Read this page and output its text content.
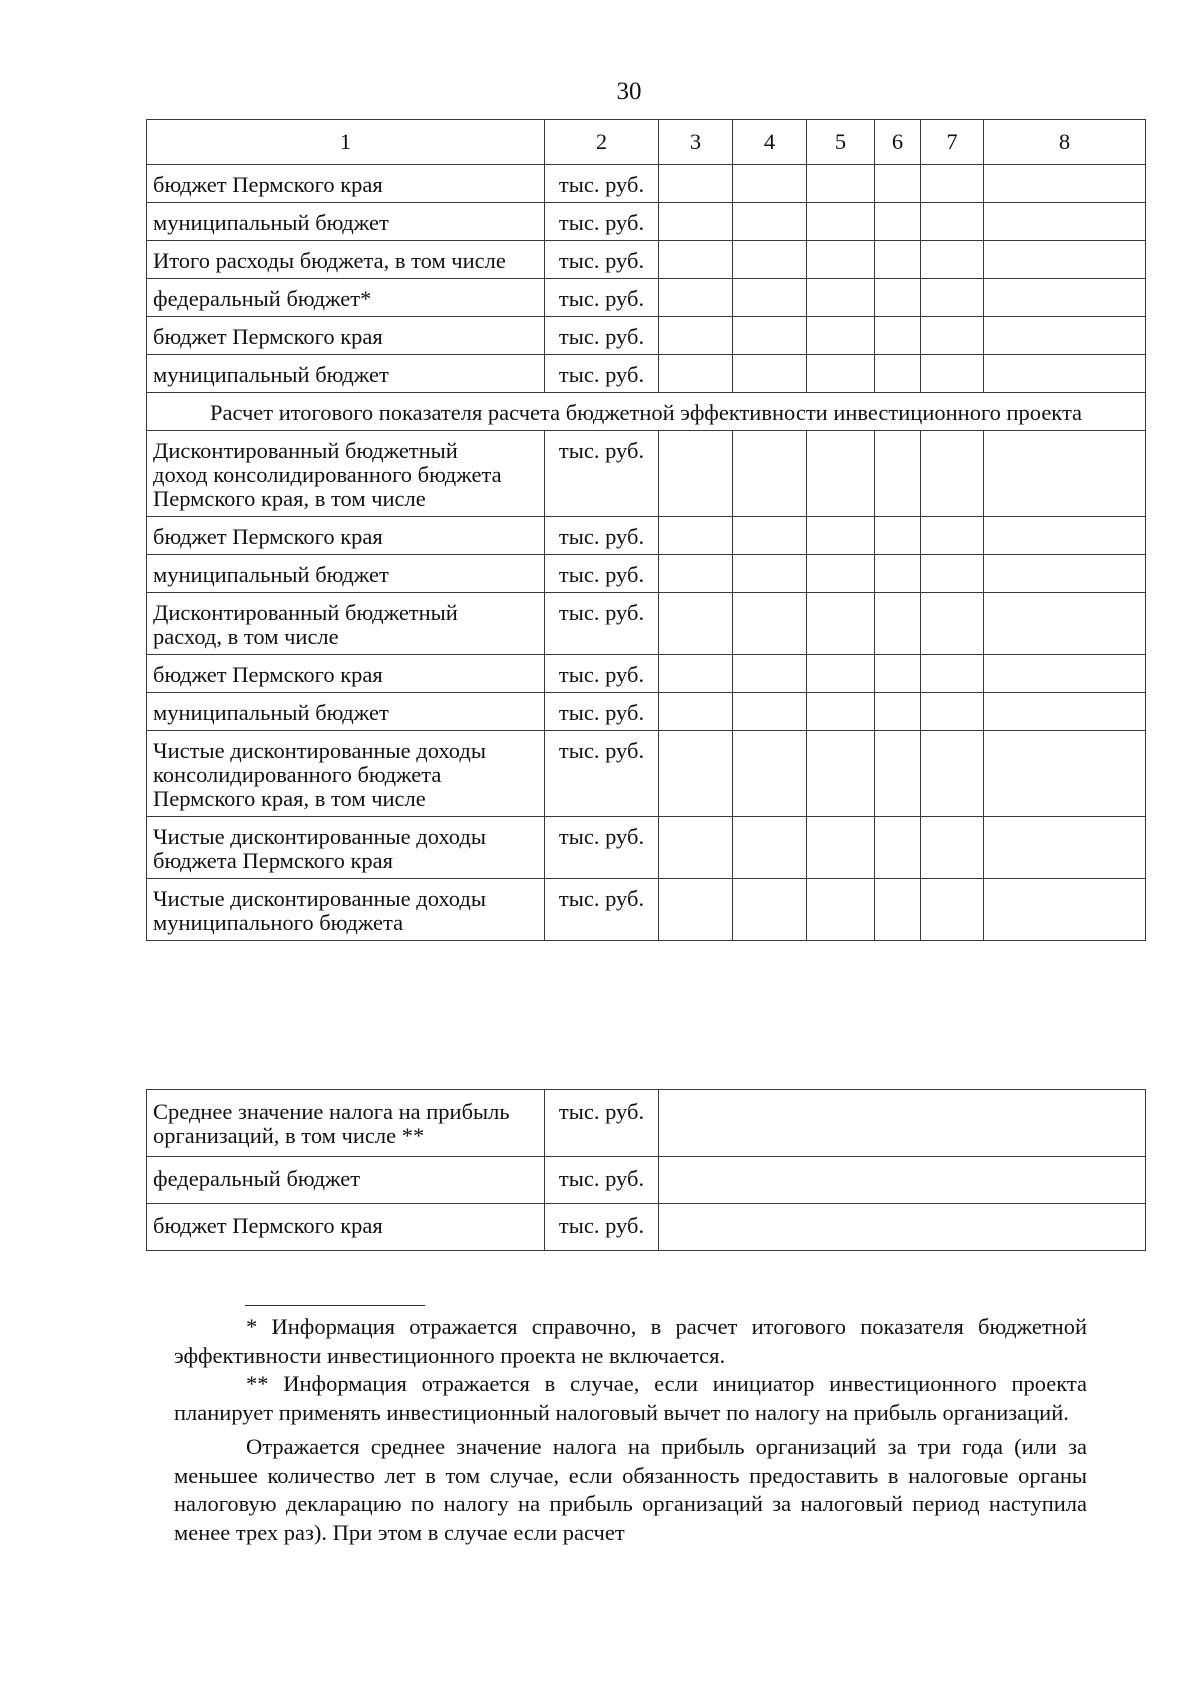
30
1	2	3	4	5	6	7	8
бюджет Пермского края	тыс. руб.						
муниципальный бюджет	тыс. руб.						
Итого расходы бюджета, в том числе	тыс. руб.						
федеральный бюджет*	тыс. руб.						
бюджет Пермского края	тыс. руб.						
муниципальный бюджет	тыс. руб.						
Расчет итогового показателя расчета бюджетной эффективности инвестиционного проекта							

Дисконтированный бюджетный
доход консолидированного бюджета
Пермского края, в том числе	тыс. руб.						
бюджет Пермского края	тыс. руб.						
муниципальный бюджет	тыс. руб.						

Дисконтированный бюджетный
расход, в том числе	тыс. руб.						
бюджет Пермского края	тыс. руб.						
муниципальный бюджет	тыс. руб.						

Чистые дисконтированные доходы
консолидированного бюджета
Пермского края, в том числе	тыс. руб.						

Чистые дисконтированные доходы
бюджета Пермского края	тыс. руб.						

Чистые дисконтированные доходы
муниципального бюджета	тыс. руб.						
Среднее значение налога на прибыль
организаций, в том числе **	тыс. руб.	
федеральный бюджет	тыс. руб.	
бюджет Пермского края	тыс. руб.	

* Информация отражается справочно, в расчет итогового показателя бюджетной эффективности инвестиционного проекта не включается.

** Информация отражается в случае, если инициатор инвестиционного проекта планирует применять инвестиционный налоговый вычет по налогу на прибыль организаций.

Отражается среднее значение налога на прибыль организаций за три года (или за меньшее количество лет в том случае, если обязанность предоставить в налоговые органы налоговую декларацию по налогу на прибыль организаций за налоговый период наступила менее трех раз). При этом в случае если расчет
